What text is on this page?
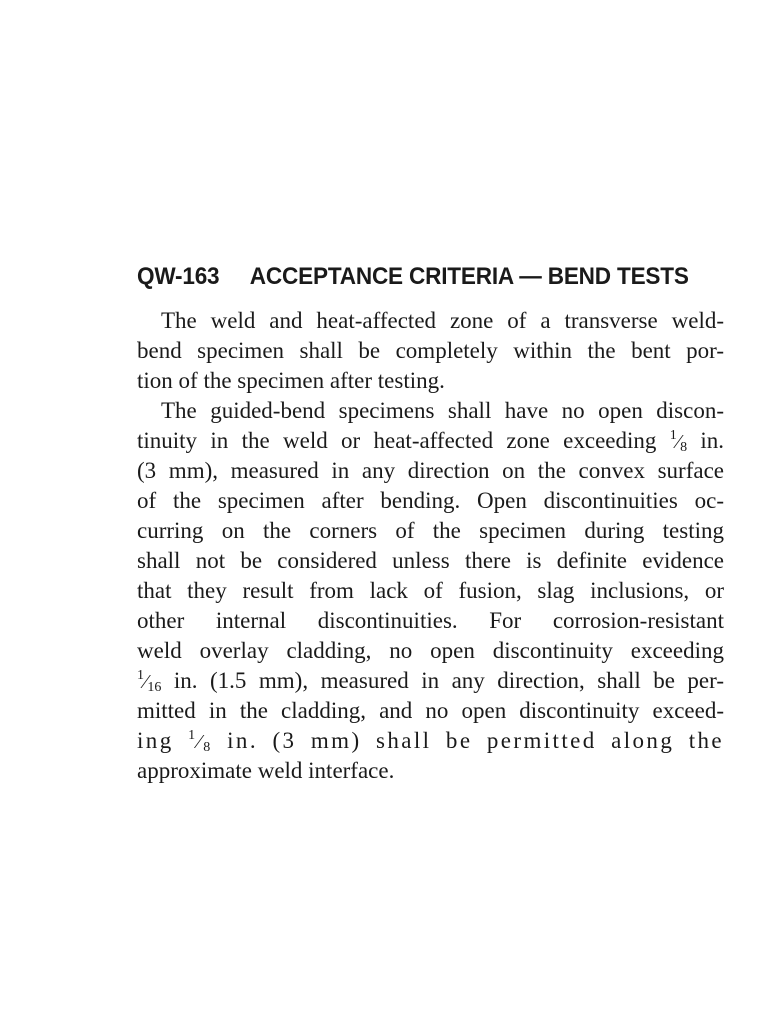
QW-163 ACCEPTANCE CRITERIA — BEND TESTS
The weld and heat-affected zone of a transverse weld-
bend specimen shall be completely within the bent por-
tion of the specimen after testing.
The guided-bend specimens shall have no open discon-
tinuity in the weld or heat-affected zone exceeding $^1⁄_8$ in.
(3 mm), measured in any direction on the convex surface
of the specimen after bending. Open discontinuities oc-
curring on the corners of the specimen during testing
shall not be considered unless there is definite evidence
that they result from lack of fusion, slag inclusions, or
other internal discontinuities. For corrosion-resistant
weld overlay cladding, no open discontinuity exceeding
$^1⁄_{16}$ in. (1.5 mm), measured in any direction, shall be per-
mitted in the cladding, and no open discontinuity exceed-
ing $^1⁄_8$ in. (3 mm) shall be permitted along the
approximate weld interface.
